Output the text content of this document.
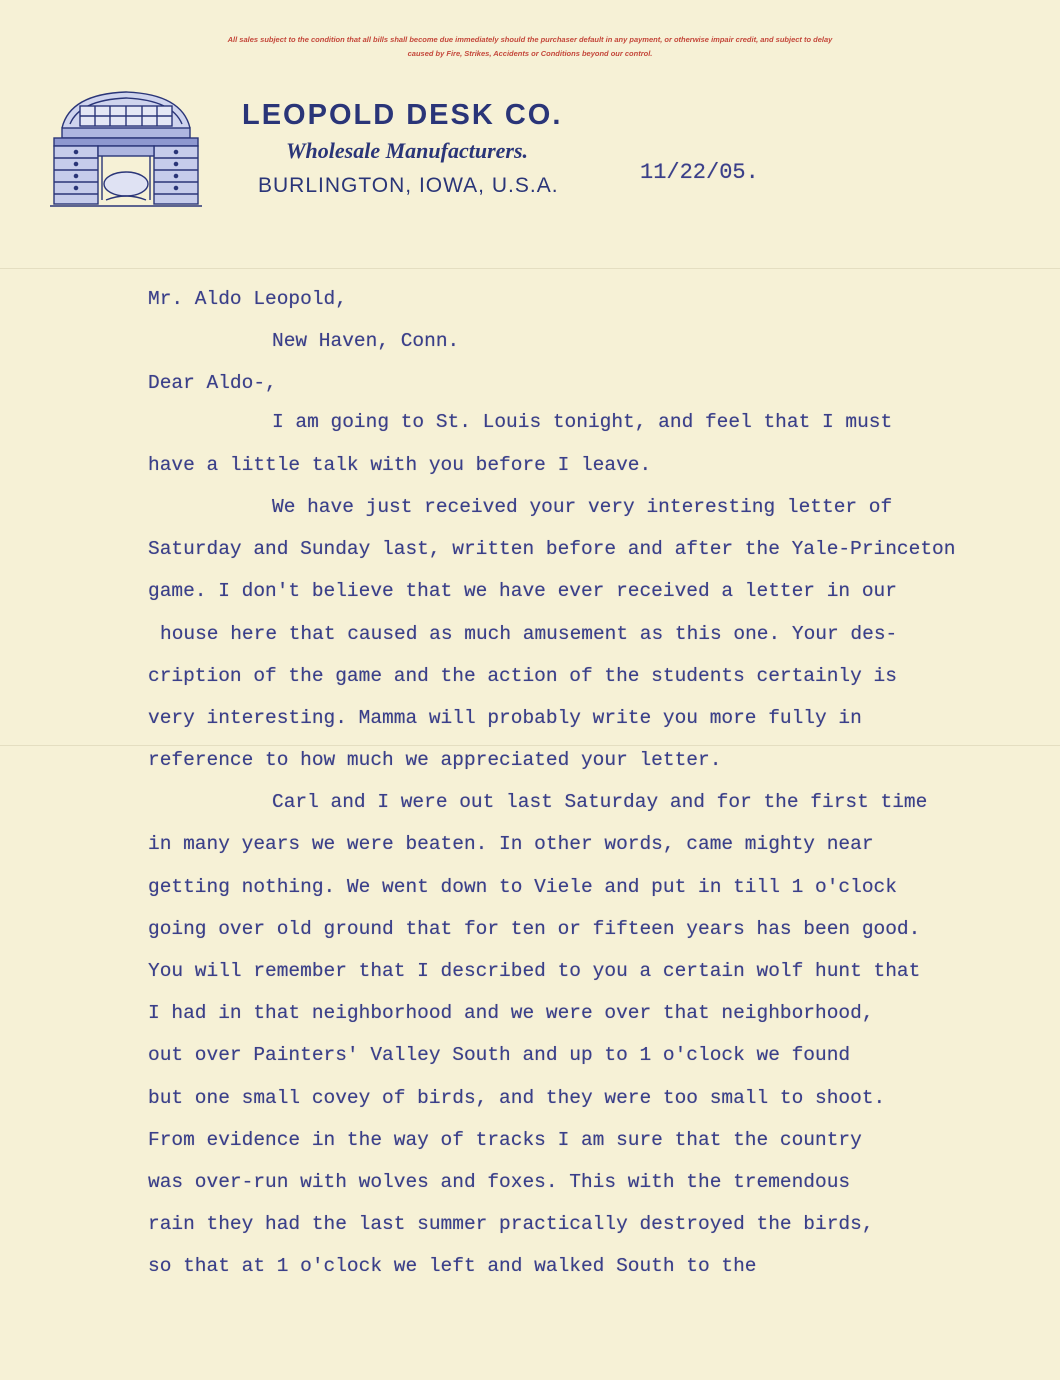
All sales subject to the condition that all bills shall become due immediately should the purchaser default in any payment, or otherwise impair credit, and subject to delay
caused by Fire, Strikes, Accidents or Conditions beyond our control.
LEOPOLD DESK CO.
Wholesale Manufacturers.
BURLINGTON, IOWA, U.S.A.
11/22/05.
Mr. Aldo Leopold,
New Haven, Conn.
Dear Aldo-,
I am going to St. Louis tonight, and feel that I must
have a little talk with you before I leave.
We have just received your very interesting letter of
Saturday and Sunday last, written before and after the Yale-Princeton
game. I don't believe that we have ever received a letter in our
house here that caused as much amusement as this one. Your des-
cription of the game and the action of the students certainly is
very interesting. Mamma will probably write you more fully in
reference to how much we appreciated your letter.
Carl and I were out last Saturday and for the first time
in many years we were beaten. In other words, came mighty near
getting nothing. We went down to Viele and put in till 1 o'clock
going over old ground that for ten or fifteen years has been good.
You will remember that I described to you a certain wolf hunt that
I had in that neighborhood and we were over that neighborhood,
out over Painters' Valley South and up to 1 o'clock we found
but one small covey of birds, and they were too small to shoot.
From evidence in the way of tracks I am sure that the country
was over-run with wolves and foxes. This with the tremendous
rain they had the last summer practically destroyed the birds,
so that at 1 o'clock we left and walked South to the
